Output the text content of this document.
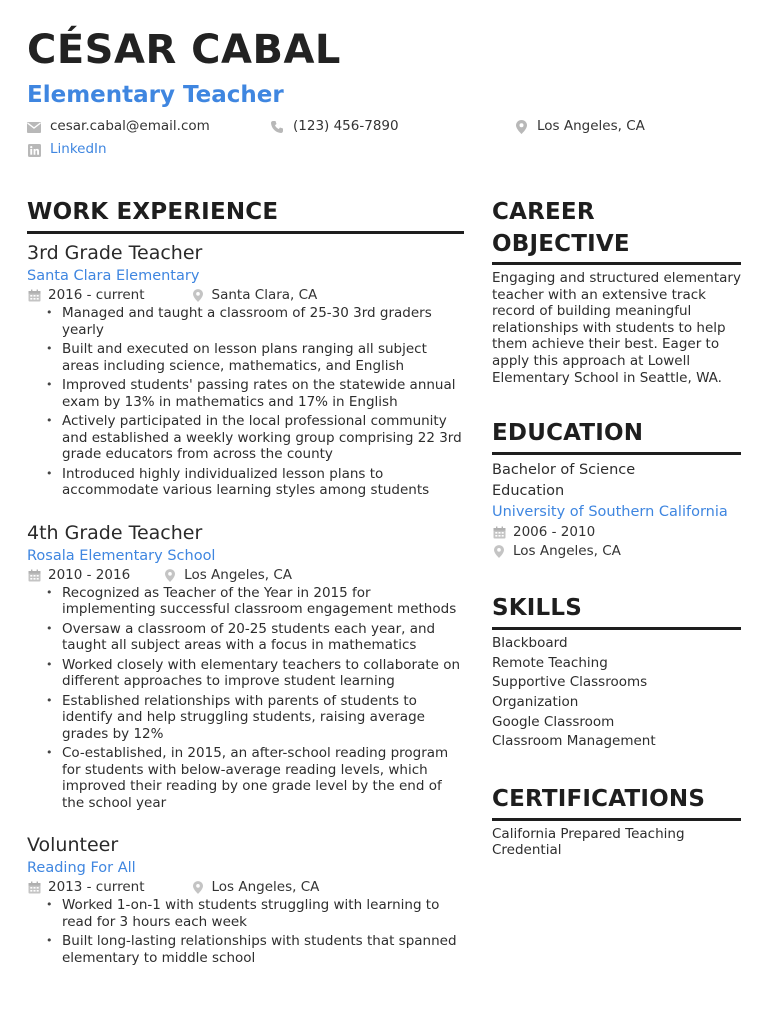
CÉSAR CABAL
Elementary Teacher
cesar.cabal@email.com	(123) 456-7890	Los Angeles, CA
LinkedIn
WORK EXPERIENCE
3rd Grade Teacher
Santa Clara Elementary
2016 - current	Santa Clara, CA
• Managed and taught a classroom of 25-30 3rd graders yearly
• Built and executed on lesson plans ranging all subject areas including science, mathematics, and English
• Improved students' passing rates on the statewide annual exam by 13% in mathematics and 17% in English
• Actively participated in the local professional community and established a weekly working group comprising 22 3rd grade educators from across the county
• Introduced highly individualized lesson plans to accommodate various learning styles among students
4th Grade Teacher
Rosala Elementary School
2010 - 2016	Los Angeles, CA
• Recognized as Teacher of the Year in 2015 for implementing successful classroom engagement methods
• Oversaw a classroom of 20-25 students each year, and taught all subject areas with a focus in mathematics
• Worked closely with elementary teachers to collaborate on different approaches to improve student learning
• Established relationships with parents of students to identify and help struggling students, raising average grades by 12%
• Co-established, in 2015, an after-school reading program for students with below-average reading levels, which improved their reading by one grade level by the end of the school year
Volunteer
Reading For All
2013 - current	Los Angeles, CA
• Worked 1-on-1 with students struggling with learning to read for 3 hours each week
• Built long-lasting relationships with students that spanned elementary to middle school
CAREER OBJECTIVE
Engaging and structured elementary teacher with an extensive track record of building meaningful relationships with students to help them achieve their best. Eager to apply this approach at Lowell Elementary School in Seattle, WA.
EDUCATION
Bachelor of Science
Education
University of Southern California
2006 - 2010
Los Angeles, CA
SKILLS
Blackboard
Remote Teaching
Supportive Classrooms
Organization
Google Classroom
Classroom Management
CERTIFICATIONS
California Prepared Teaching Credential
